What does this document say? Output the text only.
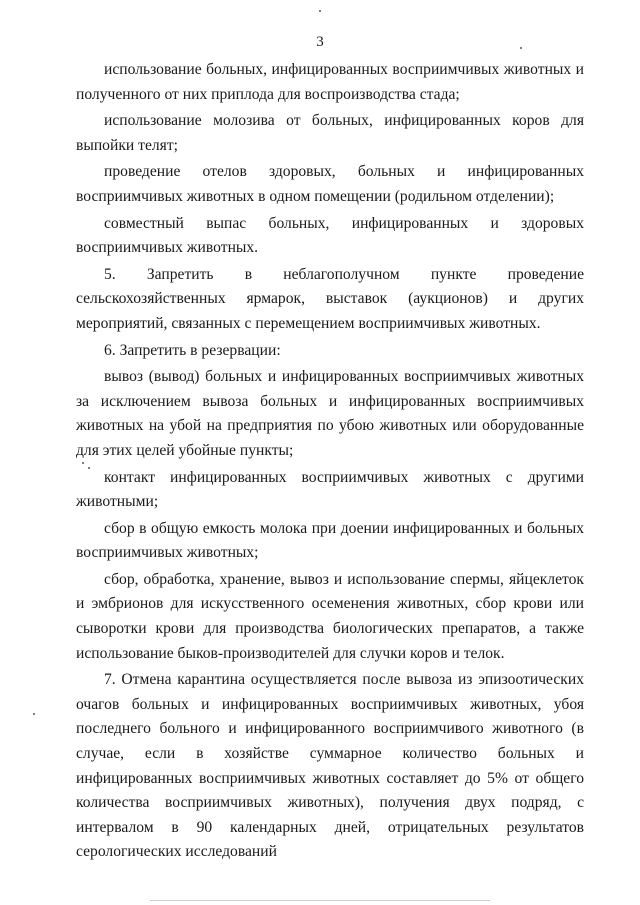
3

использование больных, инфицированных восприимчивых животных и полученного от них приплода для воспроизводства стада;

использование молозива от больных, инфицированных коров для выпойки телят;

проведение отелов здоровых, больных и инфицированных восприимчивых животных в одном помещении (родильном отделении);

совместный выпас больных, инфицированных и здоровых восприимчивых животных.

5. Запретить в неблагополучном пункте проведение сельскохозяйственных ярмарок, выставок (аукционов) и других мероприятий, связанных с перемещением восприимчивых животных.

6. Запретить в резервации:

вывоз (вывод) больных и инфицированных восприимчивых животных за исключением вывоза больных и инфицированных восприимчивых животных на убой на предприятия по убою животных или оборудованные для этих целей убойные пункты;

контакт инфицированных восприимчивых животных с другими животными;

сбор в общую емкость молока при доении инфицированных и больных восприимчивых животных;

сбор, обработка, хранение, вывоз и использование спермы, яйцеклеток и эмбрионов для искусственного осеменения животных, сбор крови или сыворотки крови для производства биологических препаратов, а также использование быков-производителей для случки коров и телок.

7. Отмена карантина осуществляется после вывоза из эпизоотических очагов больных и инфицированных восприимчивых животных, убоя последнего больного и инфицированного восприимчивого животного (в случае, если в хозяйстве суммарное количество больных и инфицированных восприимчивых животных составляет до 5% от общего количества восприимчивых животных), получения двух подряд, с интервалом в 90 календарных дней, отрицательных результатов серологических исследований
